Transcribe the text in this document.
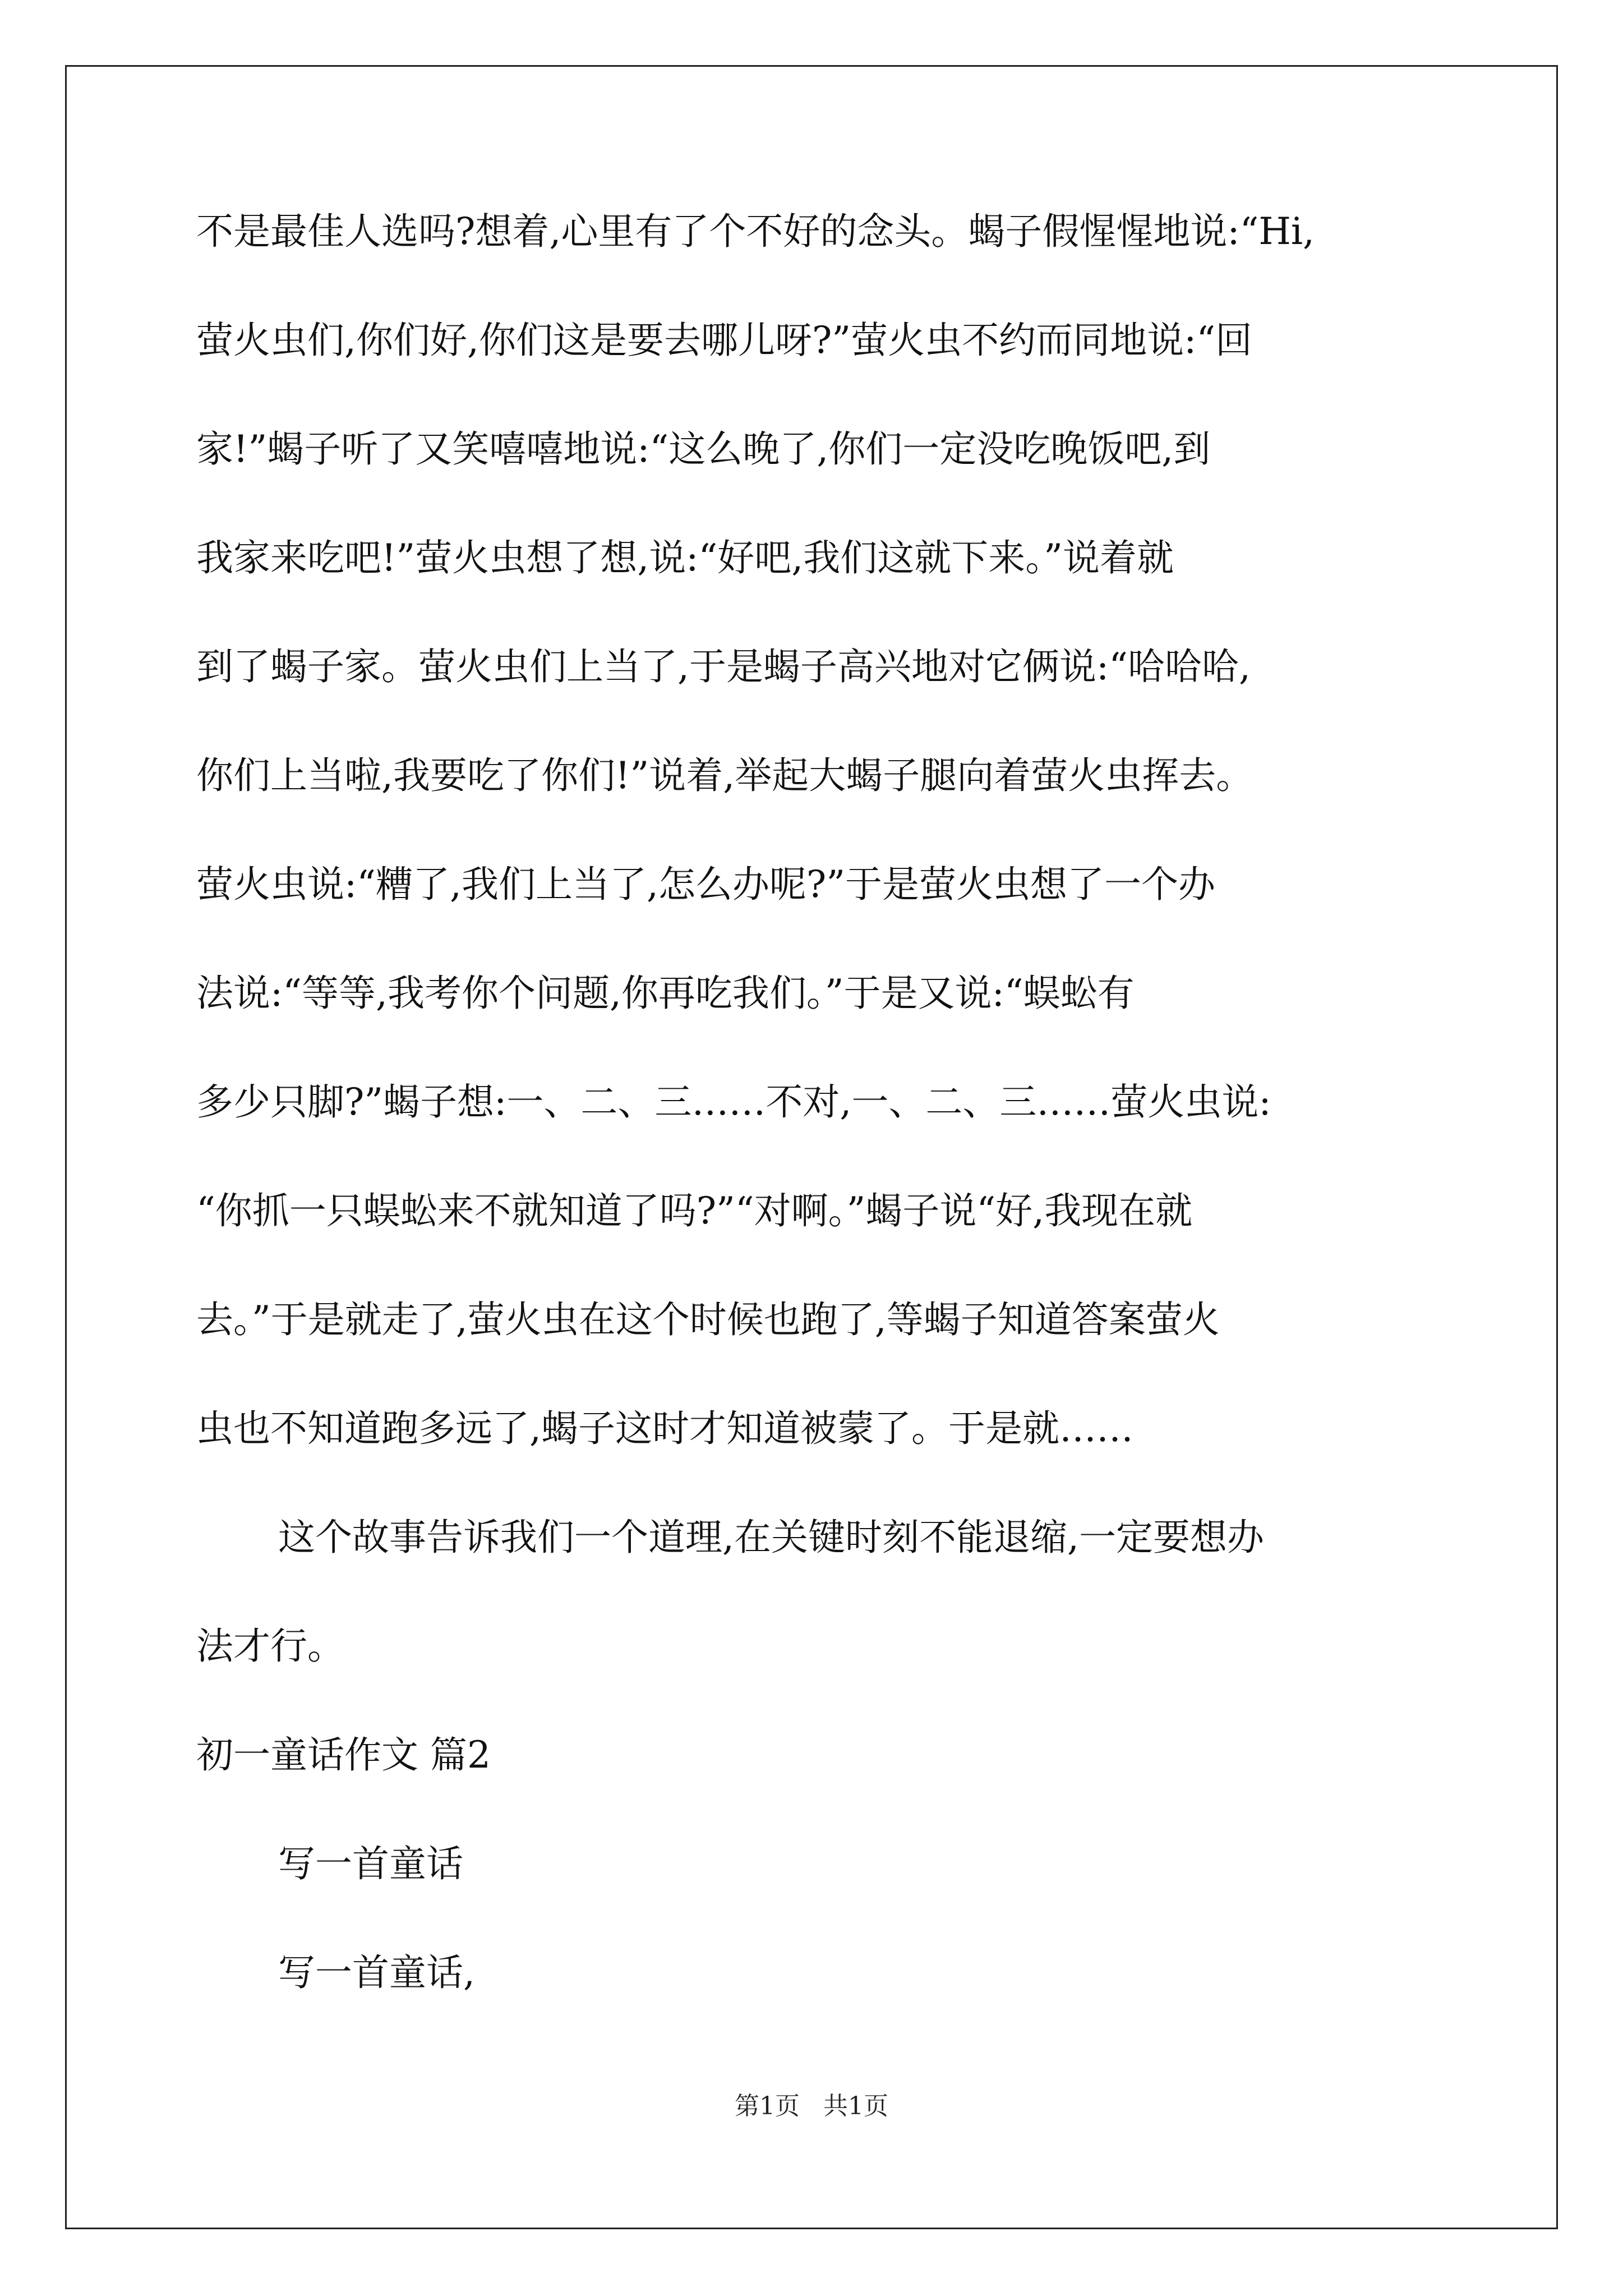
不是最佳人选吗?想着,心里有了个不好的念头。蝎子假惺惺地说:“Hi,
萤火虫们,你们好,你们这是要去哪儿呀?”萤火虫不约而同地说:“回
家!”蝎子听了又笑嘻嘻地说:“这么晚了,你们一定没吃晚饭吧,到
我家来吃吧!”萤火虫想了想,说:“好吧,我们这就下来。”说着就
到了蝎子家。萤火虫们上当了,于是蝎子高兴地对它俩说:“哈哈哈,
你们上当啦,我要吃了你们!”说着,举起大蝎子腿向着萤火虫挥去。
萤火虫说:“糟了,我们上当了,怎么办呢?”于是萤火虫想了一个办
法说:“等等,我考你个问题,你再吃我们。”于是又说:“蜈蚣有
多少只脚?”蝎子想:一、二、三……不对,一、二、三……萤火虫说:
“你抓一只蜈蚣来不就知道了吗?”“对啊。”蝎子说“好,我现在就
去。”于是就走了,萤火虫在这个时候也跑了,等蝎子知道答案萤火
虫也不知道跑多远了,蝎子这时才知道被蒙了。于是就……
这个故事告诉我们一个道理,在关键时刻不能退缩,一定要想办
法才行。
初一童话作文 篇2
写一首童话
写一首童话,
第1页 共1页
